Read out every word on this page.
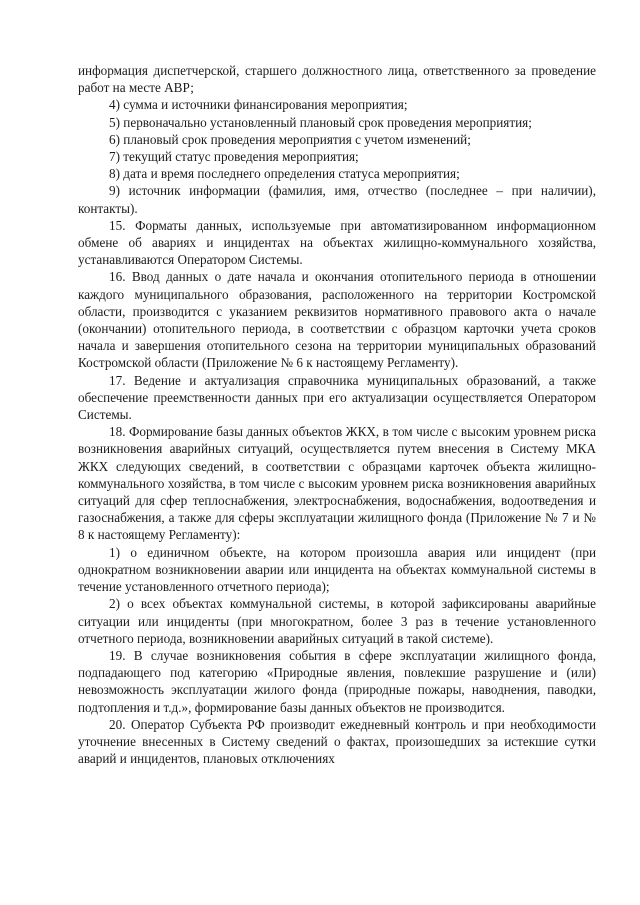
информация диспетчерской, старшего должностного лица, ответственного за проведение работ на месте АВР;

4) сумма и источники финансирования мероприятия;

5) первоначально установленный плановый срок проведения мероприятия;

6) плановый срок проведения мероприятия с учетом изменений;

7) текущий статус проведения мероприятия;

8) дата и время последнего определения статуса мероприятия;

9) источник информации (фамилия, имя, отчество (последнее – при наличии), контакты).

15. Форматы данных, используемые при автоматизированном информационном обмене об авариях и инцидентах на объектах жилищно-коммунального хозяйства, устанавливаются Оператором Системы.

16. Ввод данных о дате начала и окончания отопительного периода в отношении каждого муниципального образования, расположенного на территории Костромской области, производится с указанием реквизитов нормативного правового акта о начале (окончании) отопительного периода, в соответствии с образцом карточки учета сроков начала и завершения отопительного сезона на территории муниципальных образований Костромской области (Приложение № 6 к настоящему Регламенту).

17. Ведение и актуализация справочника муниципальных образований, а также обеспечение преемственности данных при его актуализации осуществляется Оператором Системы.

18. Формирование базы данных объектов ЖКХ, в том числе с высоким уровнем риска возникновения аварийных ситуаций, осуществляется путем внесения в Систему МКА ЖКХ следующих сведений, в соответствии с образцами карточек объекта жилищно-коммунального хозяйства, в том числе с высоким уровнем риска возникновения аварийных ситуаций для сфер теплоснабжения, электроснабжения, водоснабжения, водоотведения и газоснабжения, а также для сферы эксплуатации жилищного фонда (Приложение № 7 и № 8 к настоящему Регламенту):

1) о единичном объекте, на котором произошла авария или инцидент (при однократном возникновении аварии или инцидента на объектах коммунальной системы в течение установленного отчетного периода);

2) о всех объектах коммунальной системы, в которой зафиксированы аварийные ситуации или инциденты (при многократном, более 3 раз в течение установленного отчетного периода, возникновении аварийных ситуаций в такой системе).

19. В случае возникновения события в сфере эксплуатации жилищного фонда, подпадающего под категорию «Природные явления, повлекшие разрушение и (или) невозможность эксплуатации жилого фонда (природные пожары, наводнения, паводки, подтопления и т.д.», формирование базы данных объектов не производится.

20. Оператор Субъекта РФ производит ежедневный контроль и при необходимости уточнение внесенных в Систему сведений о фактах, произошедших за истекшие сутки аварий и инцидентов, плановых отключениях
